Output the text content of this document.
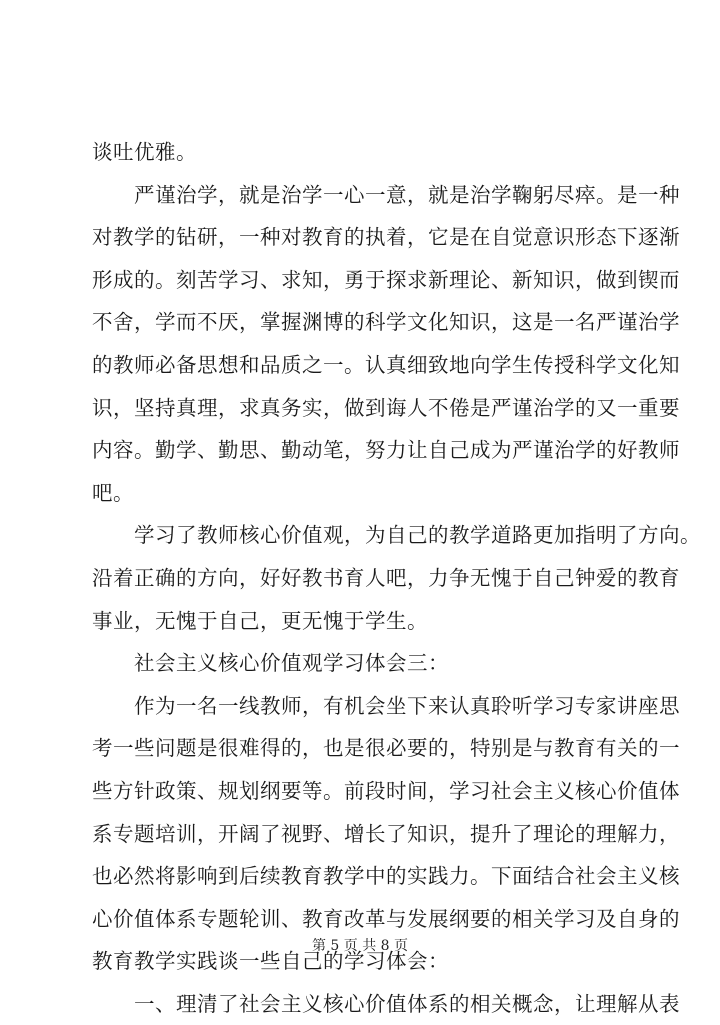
谈吐优雅。
严谨治学，就是治学一心一意，就是治学鞠躬尽瘁。是一种
对教学的钻研，一种对教育的执着，它是在自觉意识形态下逐渐
形成的。刻苦学习、求知，勇于探求新理论、新知识，做到锲而
不舍，学而不厌，掌握渊博的科学文化知识，这是一名严谨治学
的教师必备思想和品质之一。认真细致地向学生传授科学文化知
识，坚持真理，求真务实，做到诲人不倦是严谨治学的又一重要
内容。勤学、勤思、勤动笔，努力让自己成为严谨治学的好教师
吧。
学习了教师核心价值观，为自己的教学道路更加指明了方向。
沿着正确的方向，好好教书育人吧，力争无愧于自己钟爱的教育
事业，无愧于自己，更无愧于学生。
社会主义核心价值观学习体会三：
作为一名一线教师，有机会坐下来认真聆听学习专家讲座思
考一些问题是很难得的，也是很必要的，特别是与教育有关的一
些方针政策、规划纲要等。前段时间，学习社会主义核心价值体
系专题培训，开阔了视野、增长了知识，提升了理论的理解力，
也必然将影响到后续教育教学中的实践力。下面结合社会主义核
心价值体系专题轮训、教育改革与发展纲要的相关学习及自身的
教育教学实践谈一些自己的学习体会：
一、理清了社会主义核心价值体系的相关概念，让理解从表
第 5 页 共 8 页
